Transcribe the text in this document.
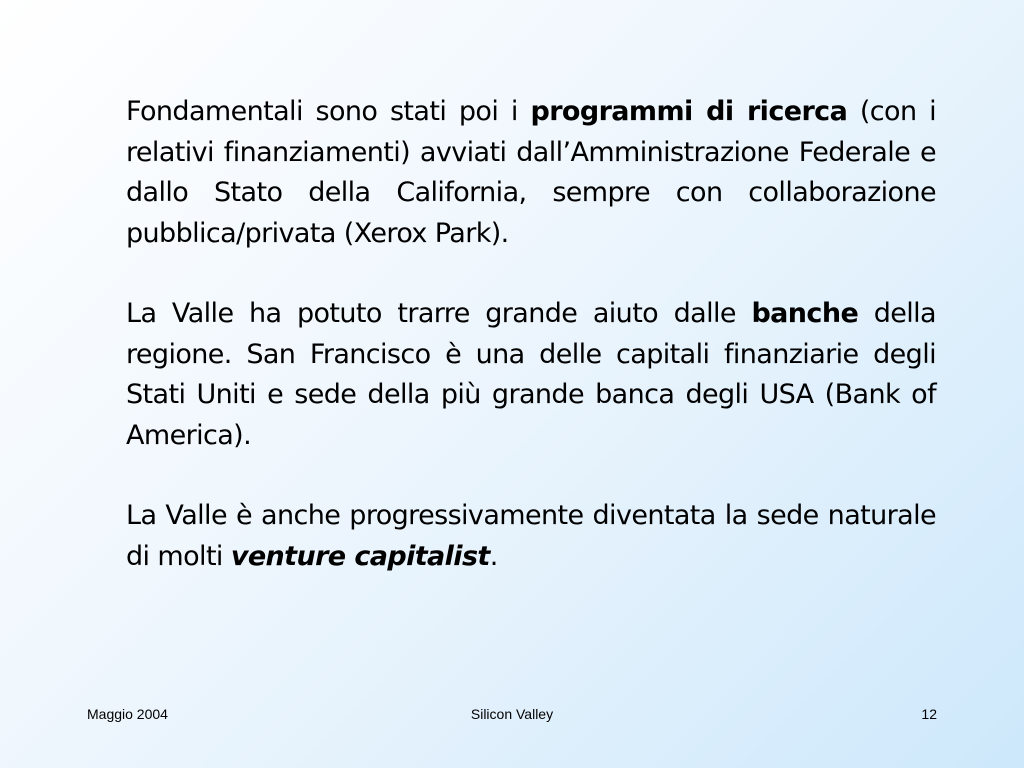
Fondamentali sono stati poi i programmi di ricerca (con i relativi finanziamenti) avviati dall’Amministrazione Federale e dallo Stato della California, sempre con collaborazione pubblica/privata (Xerox Park).

La Valle ha potuto trarre grande aiuto dalle banche della regione. San Francisco è una delle capitali finanziarie degli Stati Uniti e sede della più grande banca degli USA (Bank of America).

La Valle è anche progressivamente diventata la sede naturale di molti venture capitalist.

Maggio 2004	Silicon Valley	12
